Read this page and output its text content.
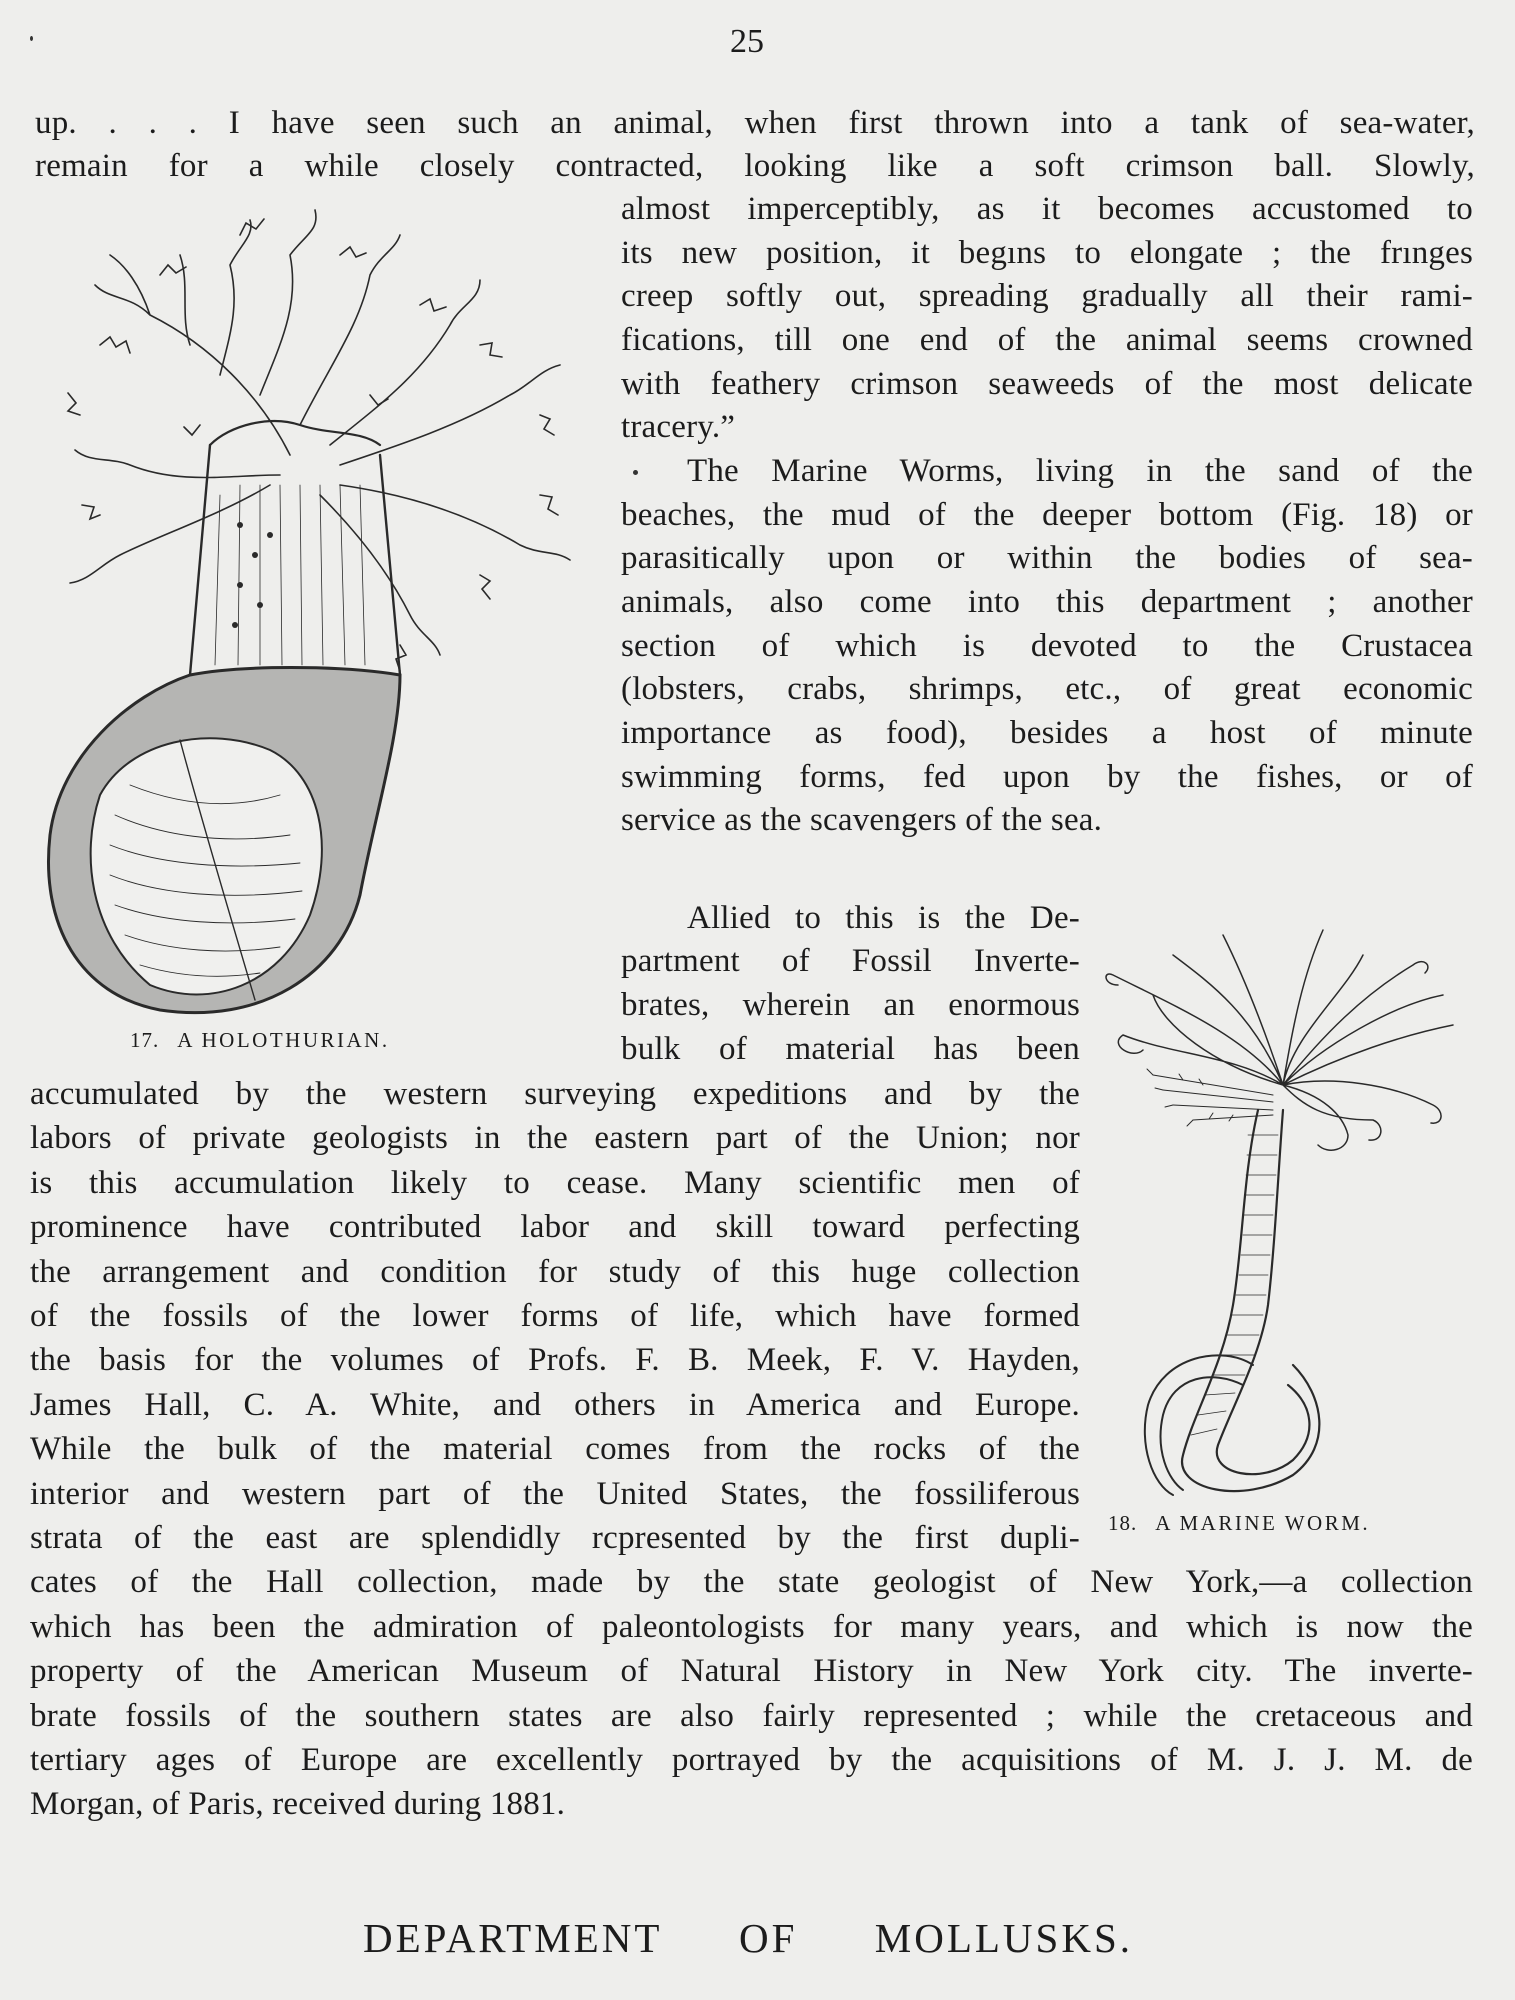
25
up. . . . I have seen such an animal, when first thrown into a tank of sea-water,
remain for a while closely contracted, looking like a soft crimson ball. Slowly,
almost imperceptibly, as it becomes accustomed to
its new position, it begıns to elongate ; the frınges
creep softly out, spreading gradually all their rami-
fications, till one end of the animal seems crowned
with feathery crimson seaweeds of the most delicate
tracery.”
The Marine Worms, living in the sand of the
beaches, the mud of the deeper bottom (Fig. 18) or
parasitically upon or within the bodies of sea-
animals, also come into this department ; another
section of which is devoted to the Crustacea
(lobsters, crabs, shrimps, etc., of great economic
importance as food), besides a host of minute
swimming forms, fed upon by the fishes, or of
service as the scavengers of the sea.
Allied to this is the De-
partment of Fossil Inverte-
brates, wherein an enormous
bulk of material has been
accumulated by the western surveying expeditions and by the
labors of private geologists in the eastern part of the Union; nor
is this accumulation likely to cease. Many scientific men of
prominence have contributed labor and skill toward perfecting
the arrangement and condition for study of this huge collection
of the fossils of the lower forms of life, which have formed
the basis for the volumes of Profs. F. B. Meek, F. V. Hayden,
James Hall, C. A. White, and others in America and Europe.
While the bulk of the material comes from the rocks of the
interior and western part of the United States, the fossiliferous
strata of the east are splendidly rcpresented by the first dupli-
cates of the Hall collection, made by the state geologist of New York,—a collection
which has been the admiration of paleontologists for many years, and which is now the
property of the American Museum of Natural History in New York city. The inverte-
brate fossils of the southern states are also fairly represented ; while the cretaceous and
tertiary ages of Europe are excellently portrayed by the acquisitions of M. J. J. M. de
Morgan, of Paris, received during 1881.
17. A HOLOTHURIAN.
18. A MARINE WORM.
DEPARTMENT OF MOLLUSKS.
